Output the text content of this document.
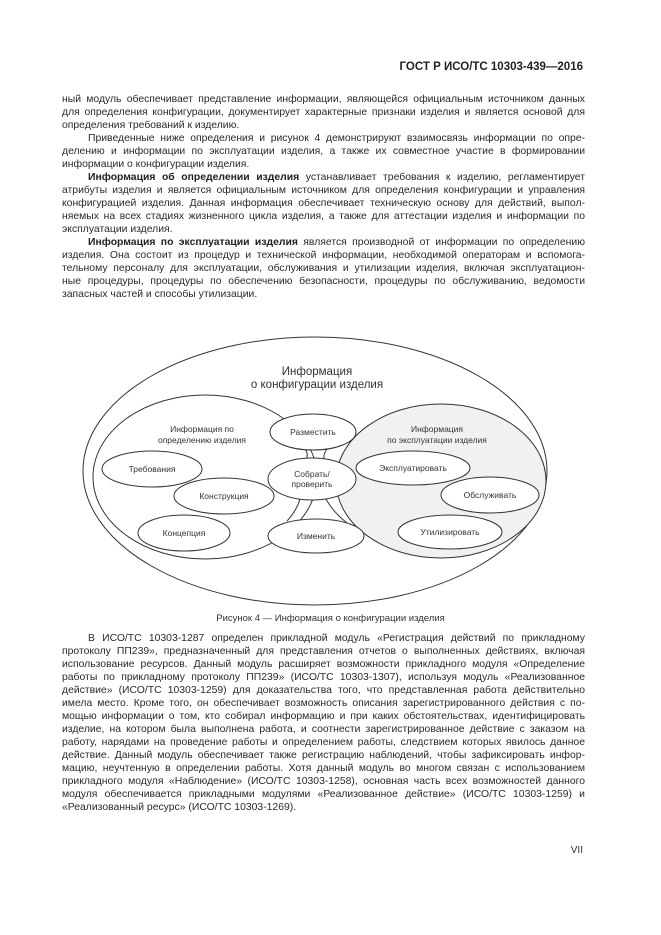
ГОСТ Р ИСО/ТС 10303-439—2016
ный модуль обеспечивает представление информации, являющейся официальным источником данных
для определения конфигурации, документирует характерные признаки изделия и является основой для
определения требований к изделию.
Приведенные ниже определения и рисунок 4 демонстрируют взаимосвязь информации по опре-
делению и информации по эксплуатации изделия, а также их совместное участие в формировании
информации о конфигурации изделия.
Информация об определении изделия устанавливает требования к изделию, регламентирует
атрибуты изделия и является официальным источником для определения конфигурации и управления
конфигурацией изделия. Данная информация обеспечивает техническую основу для действий, выпол-
няемых на всех стадиях жизненного цикла изделия, а также для аттестации изделия и информации по
эксплуатации изделия.
Информация по эксплуатации изделия является производной от информации по определению
изделия. Она состоит из процедур и технической информации, необходимой операторам и вспомога-
тельному персоналу для эксплуатации, обслуживания и утилизации изделия, включая эксплуатацион-
ные процедуры, процедуры по обеспечению безопасности, процедуры по обслуживанию, ведомости
запасных частей и способы утилизации.
Информация
о конфигурации изделия
Информация по
определению изделия
Информация
по эксплуатации изделия
Разместить
Собрать/
проверить
Изменить
Требования
Конструкция
Концепция
Эксплуатировать
Обслуживать
Утилизировать
Рисунок 4 — Информация о конфигурации изделия
В ИСО/ТС 10303-1287 определен прикладной модуль «Регистрация действий по прикладному
протоколу ПП239», предназначенный для представления отчетов о выполненных действиях, включая
использование ресурсов. Данный модуль расширяет возможности прикладного модуля «Определение
работы по прикладному протоколу ПП239» (ИСО/ТС 10303-1307), используя модуль «Реализованное
действие» (ИСО/ТС 10303-1259) для доказательства того, что представленная работа действительно
имела место. Кроме того, он обеспечивает возможность описания зарегистрированного действия с по-
мощью информации о том, кто собирал информацию и при каких обстоятельствах, идентифицировать
изделие, на котором была выполнена работа, и соотнести зарегистрированное действие с заказом на
работу, нарядами на проведение работы и определением работы, следствием которых явилось данное
действие. Данный модуль обеспечивает также регистрацию наблюдений, чтобы зафиксировать инфор-
мацию, неучтенную в определении работы. Хотя данный модуль во многом связан с использованием
прикладного модуля «Наблюдение» (ИСО/ТС 10303-1258), основная часть всех возможностей данного
модуля обеспечивается прикладными модулями «Реализованное действие» (ИСО/ТС 10303-1259) и
«Реализованный ресурс» (ИСО/ТС 10303-1269).
VII
